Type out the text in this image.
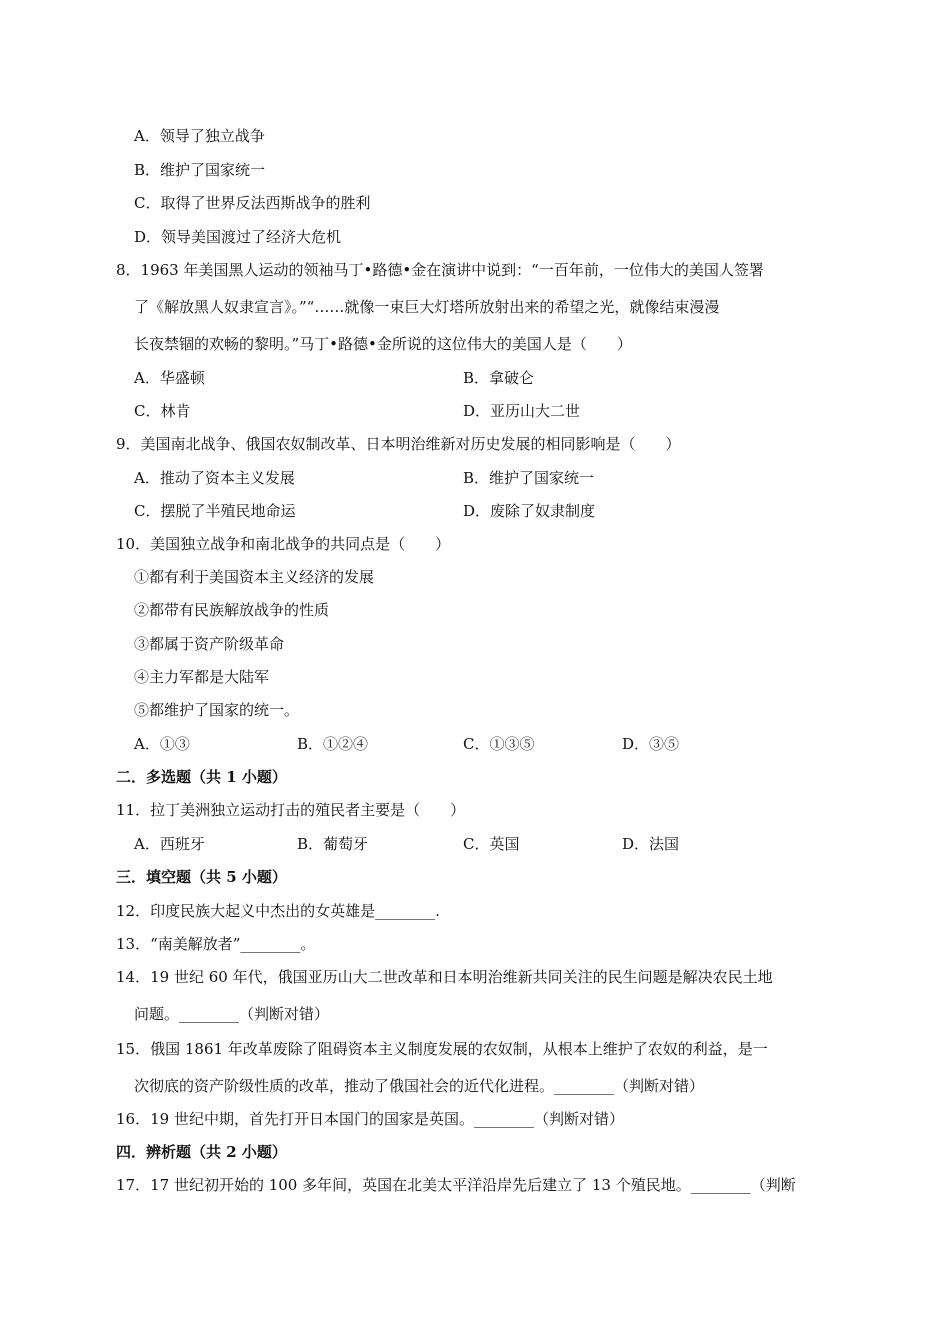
A．领导了独立战争
B．维护了国家统一
C．取得了世界反法西斯战争的胜利
D．领导美国渡过了经济大危机
8．1963 年美国黑人运动的领袖马丁•路德•金在演讲中说到：“一百年前，一位伟大的美国人签署
了《解放黑人奴隶宣言》。”“……就像一束巨大灯塔所放射出来的希望之光，就像结束漫漫
长夜禁锢的欢畅的黎明。”马丁•路德•金所说的这位伟大的美国人是（　　）
A．华盛顿	B．拿破仑
C．林肯	D．亚历山大二世
9．美国南北战争、俄国农奴制改革、日本明治维新对历史发展的相同影响是（　　）
A．推动了资本主义发展	B．维护了国家统一
C．摆脱了半殖民地命运	D．废除了奴隶制度
10．美国独立战争和南北战争的共同点是（　　）
①都有利于美国资本主义经济的发展
②都带有民族解放战争的性质
③都属于资产阶级革命
④主力军都是大陆军
⑤都维护了国家的统一。
A．①③	B．①②④	C．①③⑤	D．③⑤
二．多选题（共 1 小题）
11．拉丁美洲独立运动打击的殖民者主要是（　　）
A．西班牙	B．葡萄牙	C．英国	D．法国
三．填空题（共 5 小题）
12．印度民族大起义中杰出的女英雄是________.
13．“南美解放者”________。
14．19 世纪 60 年代，俄国亚历山大二世改革和日本明治维新共同关注的民生问题是解决农民土地
问题。________（判断对错）
15．俄国 1861 年改革废除了阻碍资本主义制度发展的农奴制，从根本上维护了农奴的利益，是一
次彻底的资产阶级性质的改革，推动了俄国社会的近代化进程。________（判断对错）
16．19 世纪中期，首先打开日本国门的国家是英国。________（判断对错）
四．辨析题（共 2 小题）
17．17 世纪初开始的 100 多年间，英国在北美太平洋沿岸先后建立了 13 个殖民地。________（判断
